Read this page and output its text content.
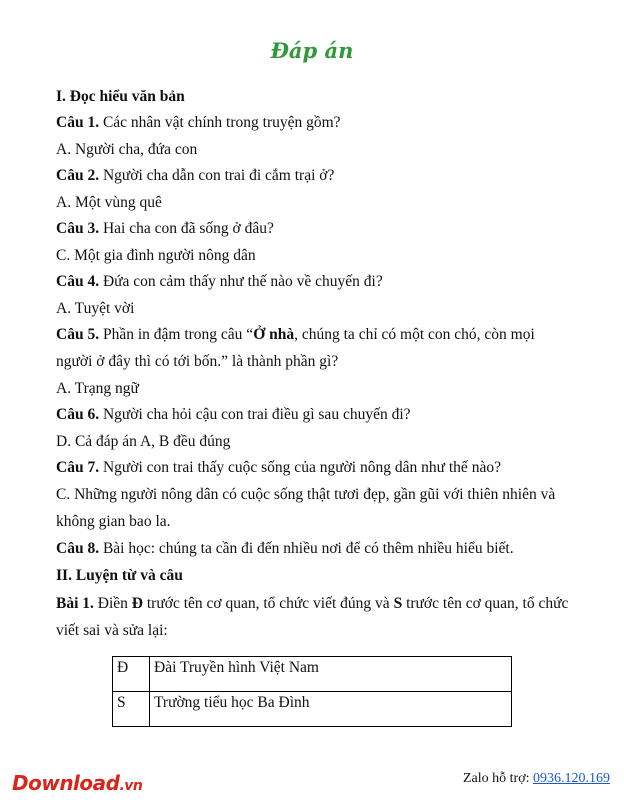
Đáp án
I. Đọc hiểu văn bản
Câu 1. Các nhân vật chính trong truyện gồm?
A. Người cha, đứa con
Câu 2. Người cha dẫn con trai đi cắm trại ở?
A. Một vùng quê
Câu 3. Hai cha con đã sống ở đâu?
C. Một gia đình người nông dân
Câu 4. Đứa con cảm thấy như thế nào về chuyến đi?
A. Tuyệt vời
Câu 5. Phần in đậm trong câu “Ở nhà, chúng ta chỉ có một con chó, còn mọi
người ở đây thì có tới bốn.” là thành phần gì?
A. Trạng ngữ
Câu 6. Người cha hỏi cậu con trai điều gì sau chuyến đi?
D. Cả đáp án A, B đều đúng
Câu 7. Người con trai thấy cuộc sống của người nông dân như thế nào?
C. Những người nông dân có cuộc sống thật tươi đẹp, gần gũi với thiên nhiên và
không gian bao la.
Câu 8. Bài học: chúng ta cần đi đến nhiều nơi để có thêm nhiều hiểu biết.
II. Luyện từ và câu
Bài 1. Điền Đ trước tên cơ quan, tổ chức viết đúng và S trước tên cơ quan, tổ chức
viết sai và sửa lại:
Đ	Đài Truyền hình Việt Nam
S	Trường tiểu học Ba Đình
Download.vn	Zalo hỗ trợ: 0936.120.169
